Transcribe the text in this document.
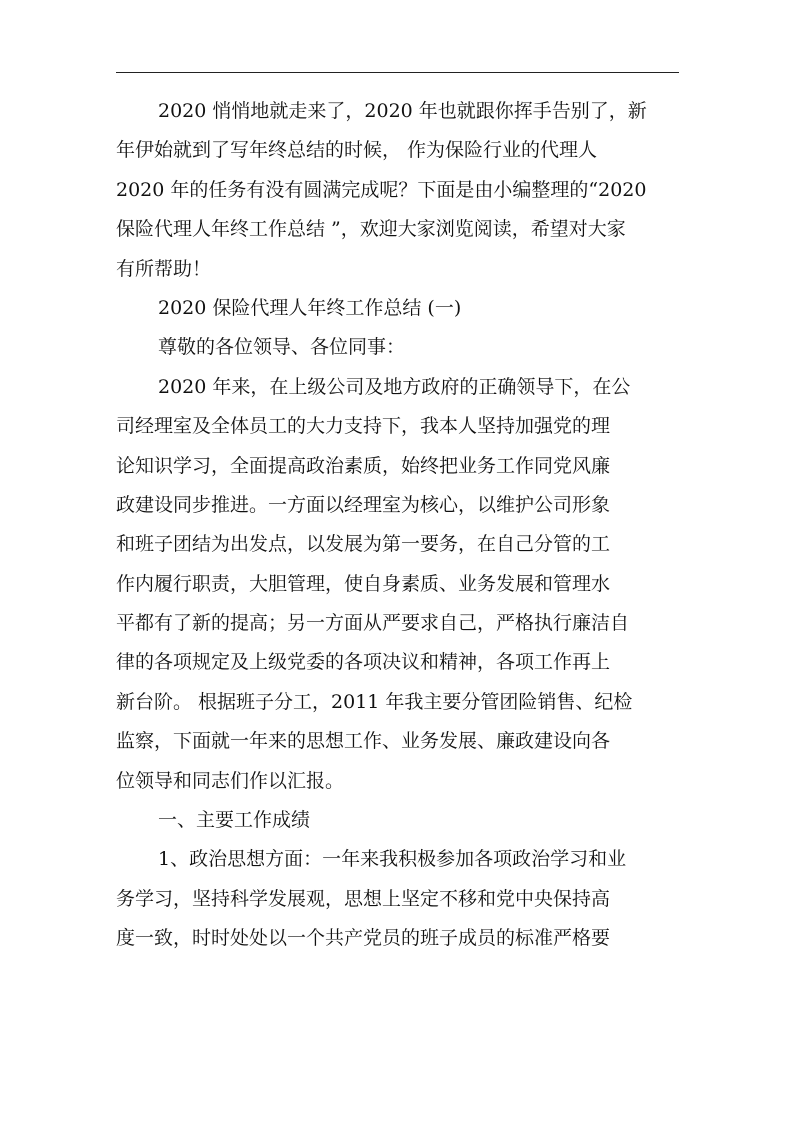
2020 悄悄地就走来了，2020 年也就跟你挥手告别了，新
年伊始就到了写年终总结的时候， 作为保险行业的代理人
2020 年的任务有没有圆满完成呢？下面是由小编整理的“2020
保险代理人年终工作总结 ”，欢迎大家浏览阅读，希望对大家
有所帮助！
2020 保险代理人年终工作总结 (一)
尊敬的各位领导、各位同事：
2020 年来，在上级公司及地方政府的正确领导下，在公
司经理室及全体员工的大力支持下，我本人坚持加强党的理
论知识学习，全面提高政治素质，始终把业务工作同党风廉
政建设同步推进。一方面以经理室为核心，以维护公司形象
和班子团结为出发点，以发展为第一要务，在自己分管的工
作内履行职责，大胆管理，使自身素质、业务发展和管理水
平都有了新的提高；另一方面从严要求自己，严格执行廉洁自
律的各项规定及上级党委的各项决议和精神，各项工作再上
新台阶。 根据班子分工，2011 年我主要分管团险销售、纪检
监察，下面就一年来的思想工作、业务发展、廉政建设向各
位领导和同志们作以汇报。
一、主要工作成绩
1、政治思想方面：一年来我积极参加各项政治学习和业
务学习，坚持科学发展观，思想上坚定不移和党中央保持高
度一致，时时处处以一个共产党员的班子成员的标准严格要
